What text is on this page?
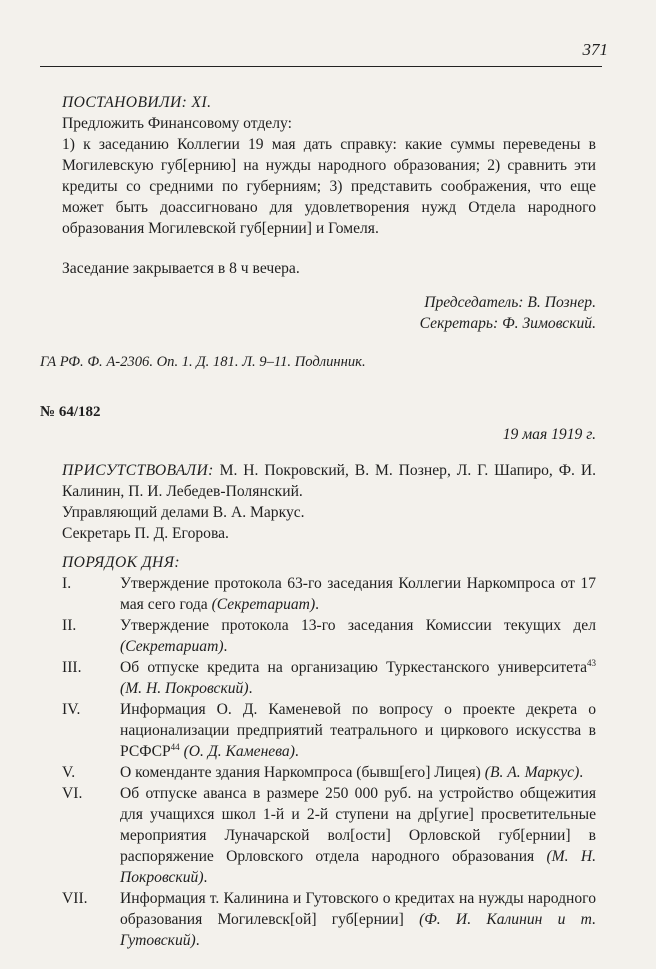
371
ПОСТАНОВИЛИ: XI.
Предложить Финансовому отделу:
1) к заседанию Коллегии 19 мая дать справку: какие суммы переведены в Могилевскую губ[ернию] на нужды народного образования; 2) сравнить эти кредиты со средними по губерниям; 3) представить соображения, что еще может быть доассигновано для удовлетворения нужд Отдела народного образования Могилевской губ[ернии] и Гомеля.
Заседание закрывается в 8 ч вечера.
Председатель: В. Познер.
Секретарь: Ф. Зимовский.
ГА РФ. Ф. А-2306. Оп. 1. Д. 181. Л. 9–11. Подлинник.
№ 64/182
19 мая 1919 г.
ПРИСУТСТВОВАЛИ: М. Н. Покровский, В. М. Познер, Л. Г. Шапиро, Ф. И. Калинин, П. И. Лебедев-Полянский.
Управляющий делами В. А. Маркус.
Секретарь П. Д. Егорова.
ПОРЯДОК ДНЯ:
I.	Утверждение протокола 63-го заседания Коллегии Наркомпроса от 17 мая сего года (Секретариат).
II.	Утверждение протокола 13-го заседания Комиссии текущих дел (Секретариат).
III.	Об отпуске кредита на организацию Туркестанского университета$^{43}$ (М. Н. Покровский).
IV.	Информация О. Д. Каменевой по вопросу о проекте декрета о национализации предприятий театрального и циркового искусства в РСФСР$^{44}$ (О. Д. Каменева).
V.	О коменданте здания Наркомпроса (бывш[его] Лицея) (В. А. Маркус).
VI.	Об отпуске аванса в размере 250 000 руб. на устройство общежития для учащихся школ 1-й и 2-й ступени на др[угие] просветительные мероприятия Луначарской вол[ости] Орловской губ[ернии] в распоряжение Орловского отдела народного образования (М. Н. Покровский).
VII.	Информация т. Калинина и Гутовского о кредитах на нужды народного образования Могилевск[ой] губ[ернии] (Ф. И. Калинин и т. Гутовский).
